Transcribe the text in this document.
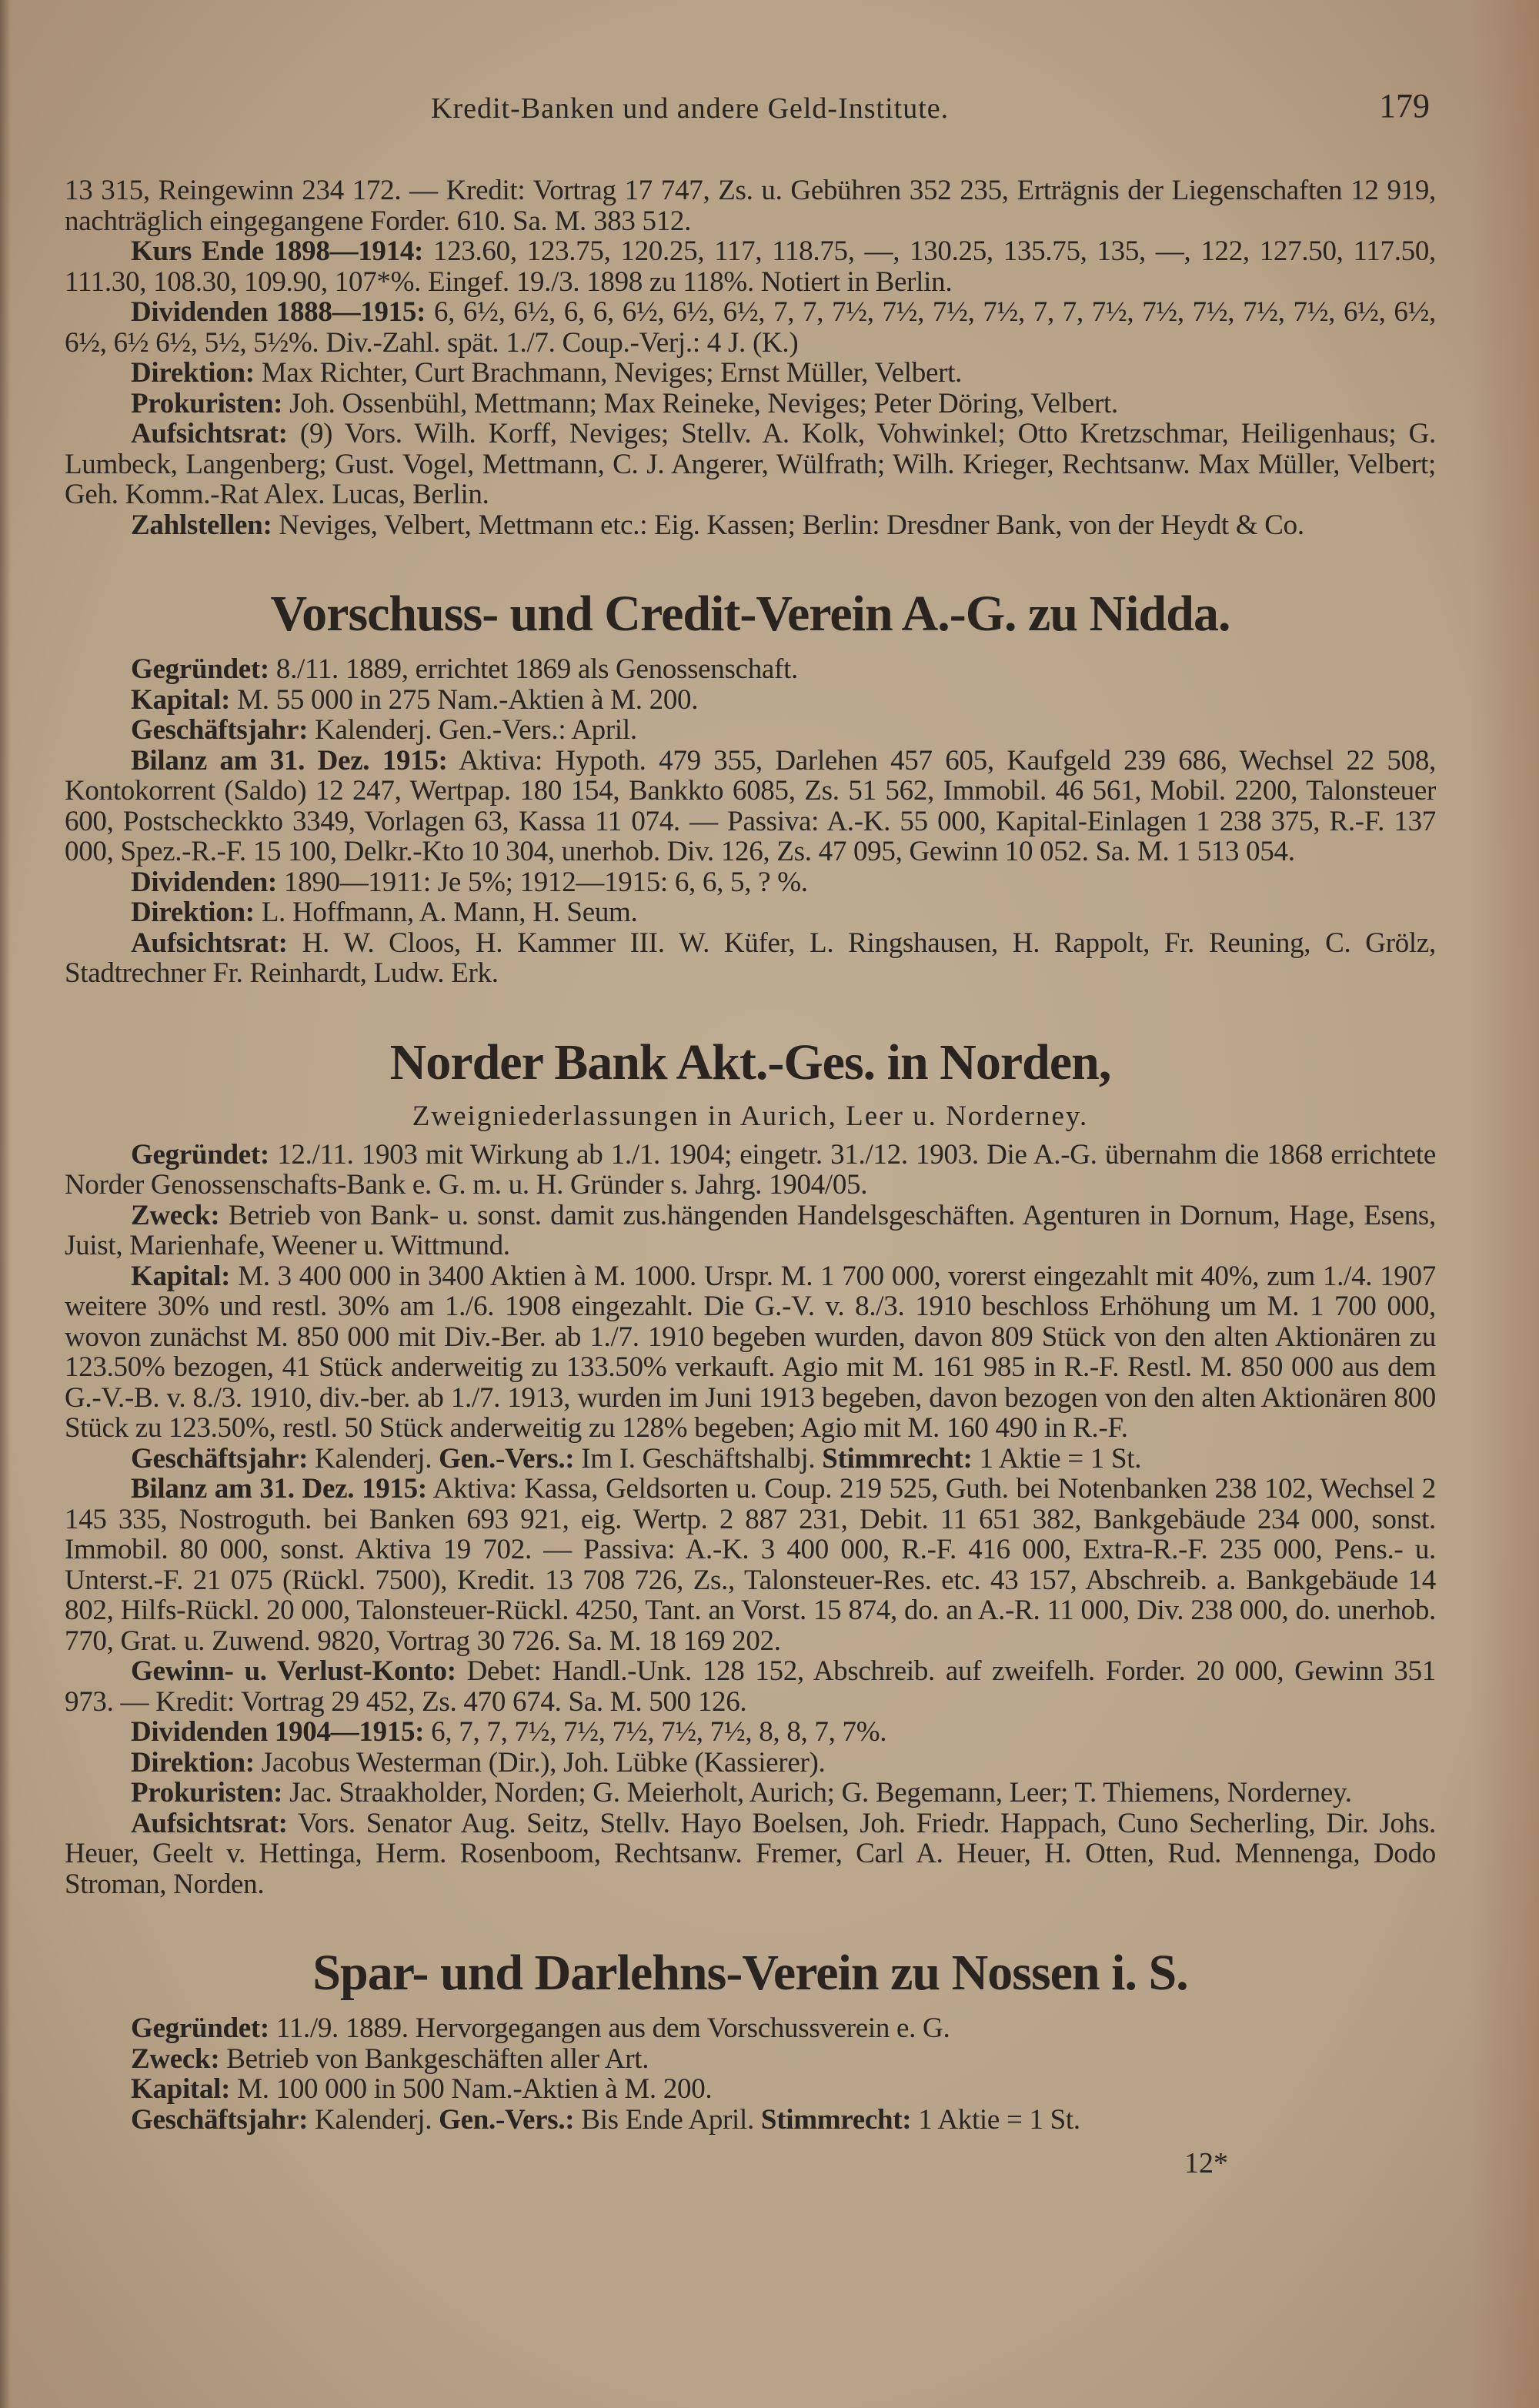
Kredit-Banken und andere Geld-Institute.	179

13 315, Reingewinn 234 172. — Kredit: Vortrag 17 747, Zs. u. Gebühren 352 235, Erträgnis der Liegenschaften 12 919, nachträglich eingegangene Forder. 610. Sa. M. 383 512.

Kurs Ende 1898—1914: 123.60, 123.75, 120.25, 117, 118.75, —, 130.25, 135.75, 135, —, 122, 127.50, 117.50, 111.30, 108.30, 109.90, 107*%. Eingef. 19./3. 1898 zu 118%. Notiert in Berlin.

Dividenden 1888—1915: 6, 6½, 6½, 6, 6, 6½, 6½, 6½, 7, 7, 7½, 7½, 7½, 7½, 7, 7, 7½, 7½, 7½, 7½, 7½, 6½, 6½, 6½, 6½ 6½, 5½, 5½%. Div.-Zahl. spät. 1./7. Coup.-Verj.: 4 J. (K.)

Direktion: Max Richter, Curt Brachmann, Neviges; Ernst Müller, Velbert.

Prokuristen: Joh. Ossenbühl, Mettmann; Max Reineke, Neviges; Peter Döring, Velbert.

Aufsichtsrat: (9) Vors. Wilh. Korff, Neviges; Stellv. A. Kolk, Vohwinkel; Otto Kretzschmar, Heiligenhaus; G. Lumbeck, Langenberg; Gust. Vogel, Mettmann, C. J. Angerer, Wülfrath; Wilh. Krieger, Rechtsanw. Max Müller, Velbert; Geh. Komm.-Rat Alex. Lucas, Berlin.

Zahlstellen: Neviges, Velbert, Mettmann etc.: Eig. Kassen; Berlin: Dresdner Bank, von der Heydt & Co.

Vorschuss- und Credit-Verein A.-G. zu Nidda.

Gegründet: 8./11. 1889, errichtet 1869 als Genossenschaft.

Kapital: M. 55 000 in 275 Nam.-Aktien à M. 200.

Geschäftsjahr: Kalenderj. Gen.-Vers.: April.

Bilanz am 31. Dez. 1915: Aktiva: Hypoth. 479 355, Darlehen 457 605, Kaufgeld 239 686, Wechsel 22 508, Kontokorrent (Saldo) 12 247, Wertpap. 180 154, Bankkto 6085, Zs. 51 562, Immobil. 46 561, Mobil. 2200, Talonsteuer 600, Postscheckkto 3349, Vorlagen 63, Kassa 11 074. — Passiva: A.-K. 55 000, Kapital-Einlagen 1 238 375, R.-F. 137 000, Spez.-R.-F. 15 100, Delkr.-Kto 10 304, unerhob. Div. 126, Zs. 47 095, Gewinn 10 052. Sa. M. 1 513 054.

Dividenden: 1890—1911: Je 5%; 1912—1915: 6, 6, 5, ? %.

Direktion: L. Hoffmann, A. Mann, H. Seum.

Aufsichtsrat: H. W. Cloos, H. Kammer III. W. Küfer, L. Ringshausen, H. Rappolt, Fr. Reuning, C. Grölz, Stadtrechner Fr. Reinhardt, Ludw. Erk.

Norder Bank Akt.-Ges. in Norden,
Zweigniederlassungen in Aurich, Leer u. Norderney.

Gegründet: 12./11. 1903 mit Wirkung ab 1./1. 1904; eingetr. 31./12. 1903. Die A.-G. übernahm die 1868 errichtete Norder Genossenschafts-Bank e. G. m. u. H. Gründer s. Jahrg. 1904/05.

Zweck: Betrieb von Bank- u. sonst. damit zus.hängenden Handelsgeschäften. Agenturen in Dornum, Hage, Esens, Juist, Marienhafe, Weener u. Wittmund.

Kapital: M. 3 400 000 in 3400 Aktien à M. 1000. Urspr. M. 1 700 000, vorerst eingezahlt mit 40%, zum 1./4. 1907 weitere 30% und restl. 30% am 1./6. 1908 eingezahlt. Die G.-V. v. 8./3. 1910 beschloss Erhöhung um M. 1 700 000, wovon zunächst M. 850 000 mit Div.-Ber. ab 1./7. 1910 begeben wurden, davon 809 Stück von den alten Aktionären zu 123.50% bezogen, 41 Stück anderweitig zu 133.50% verkauft. Agio mit M. 161 985 in R.-F. Restl. M. 850 000 aus dem G.-V.-B. v. 8./3. 1910, div.-ber. ab 1./7. 1913, wurden im Juni 1913 begeben, davon bezogen von den alten Aktionären 800 Stück zu 123.50%, restl. 50 Stück anderweitig zu 128% begeben; Agio mit M. 160 490 in R.-F.

Geschäftsjahr: Kalenderj. Gen.-Vers.: Im I. Geschäftshalbj. Stimmrecht: 1 Aktie = 1 St.

Bilanz am 31. Dez. 1915: Aktiva: Kassa, Geldsorten u. Coup. 219 525, Guth. bei Notenbanken 238 102, Wechsel 2 145 335, Nostroguth. bei Banken 693 921, eig. Wertp. 2 887 231, Debit. 11 651 382, Bankgebäude 234 000, sonst. Immobil. 80 000, sonst. Aktiva 19 702. — Passiva: A.-K. 3 400 000, R.-F. 416 000, Extra-R.-F. 235 000, Pens.- u. Unterst.-F. 21 075 (Rückl. 7500), Kredit. 13 708 726, Zs., Talonsteuer-Res. etc. 43 157, Abschreib. a. Bankgebäude 14 802, Hilfs-Rückl. 20 000, Talonsteuer-Rückl. 4250, Tant. an Vorst. 15 874, do. an A.-R. 11 000, Div. 238 000, do. unerhob. 770, Grat. u. Zuwend. 9820, Vortrag 30 726. Sa. M. 18 169 202.

Gewinn- u. Verlust-Konto: Debet: Handl.-Unk. 128 152, Abschreib. auf zweifelh. Forder. 20 000, Gewinn 351 973. — Kredit: Vortrag 29 452, Zs. 470 674. Sa. M. 500 126.

Dividenden 1904—1915: 6, 7, 7, 7½, 7½, 7½, 7½, 7½, 8, 8, 7, 7%.

Direktion: Jacobus Westerman (Dir.), Joh. Lübke (Kassierer).

Prokuristen: Jac. Straakholder, Norden; G. Meierholt, Aurich; G. Begemann, Leer; T. Thiemens, Norderney.

Aufsichtsrat: Vors. Senator Aug. Seitz, Stellv. Hayo Boelsen, Joh. Friedr. Happach, Cuno Secherling, Dir. Johs. Heuer, Geelt v. Hettinga, Herm. Rosenboom, Rechtsanw. Fremer, Carl A. Heuer, H. Otten, Rud. Mennenga, Dodo Stroman, Norden.

Spar- und Darlehns-Verein zu Nossen i. S.

Gegründet: 11./9. 1889. Hervorgegangen aus dem Vorschussverein e. G.

Zweck: Betrieb von Bankgeschäften aller Art.

Kapital: M. 100 000 in 500 Nam.-Aktien à M. 200.

Geschäftsjahr: Kalenderj. Gen.-Vers.: Bis Ende April. Stimmrecht: 1 Aktie = 1 St.

12*
